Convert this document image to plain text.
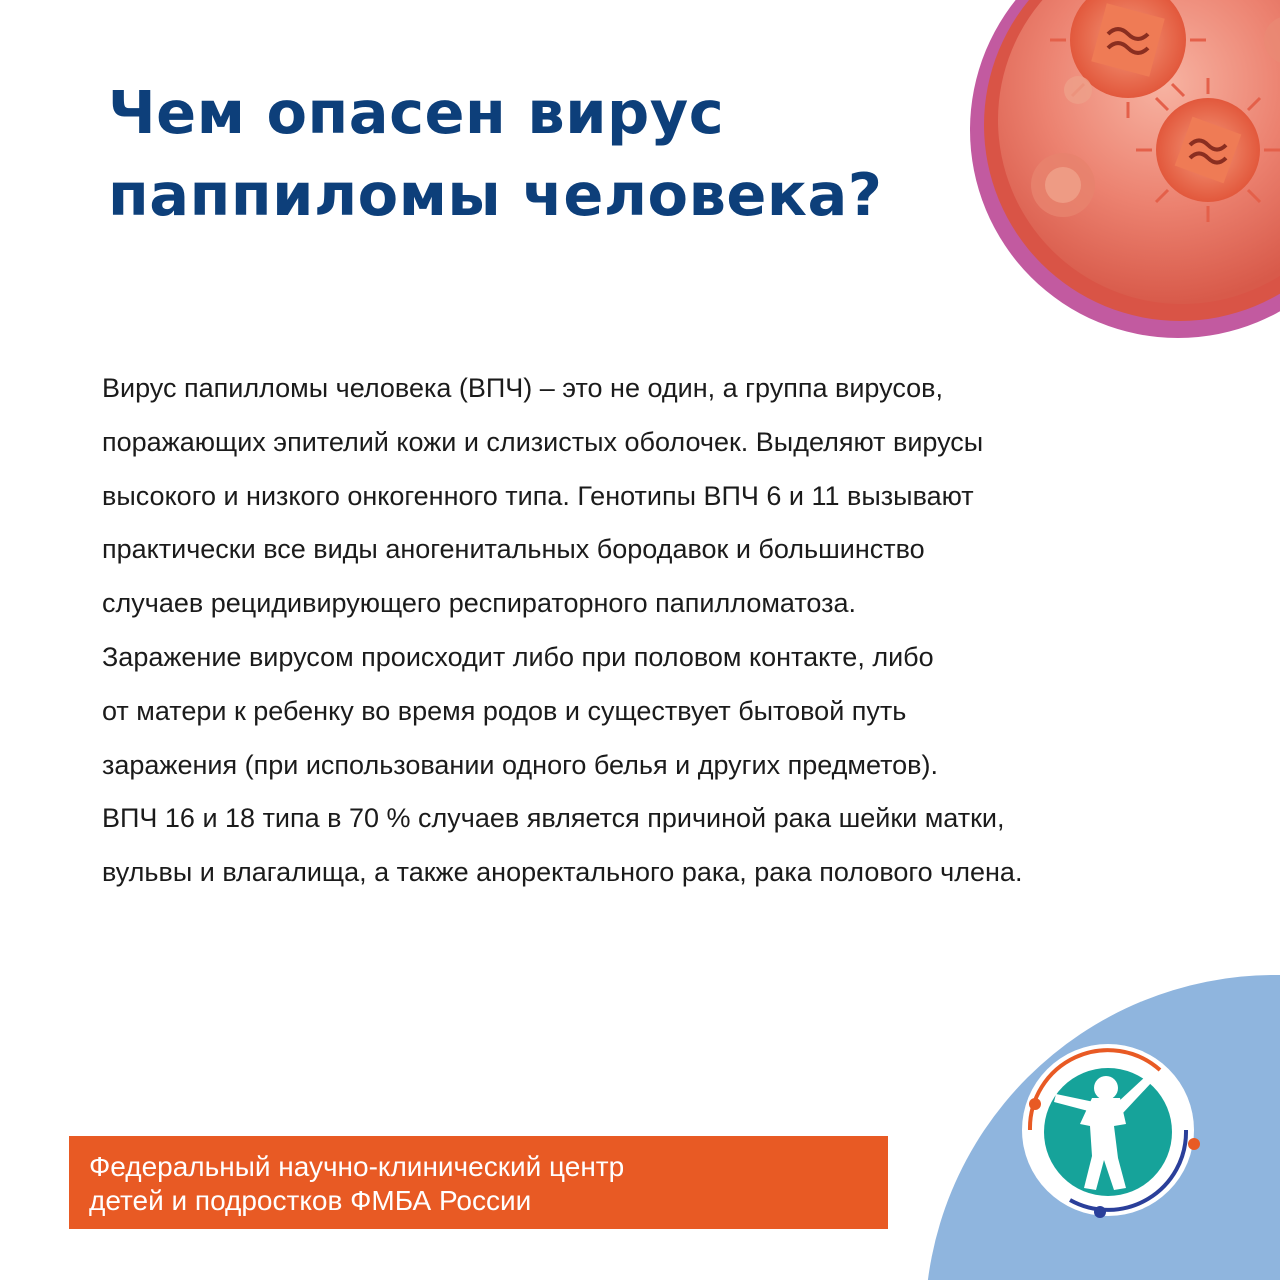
Чем опасен вирус
паппиломы человека?
Вирус папилломы человека (ВПЧ) – это не один, а группа вирусов,
поражающих эпителий кожи и слизистых оболочек. Выделяют вирусы
высокого и низкого онкогенного типа. Генотипы ВПЧ 6 и 11 вызывают
практически все виды аногенитальных бородавок и большинство
случаев рецидивирующего респираторного папилломатоза.
Заражение вирусом происходит либо при половом контакте, либо
от матери к ребенку во время родов и существует бытовой путь
заражения (при использовании одного белья и других предметов).
ВПЧ 16 и 18 типа в 70 % случаев является причиной рака шейки матки,
вульвы и влагалища, а также аноректального рака, рака полового члена.
Федеральный научно-клинический центр
детей и подростков ФМБА России
